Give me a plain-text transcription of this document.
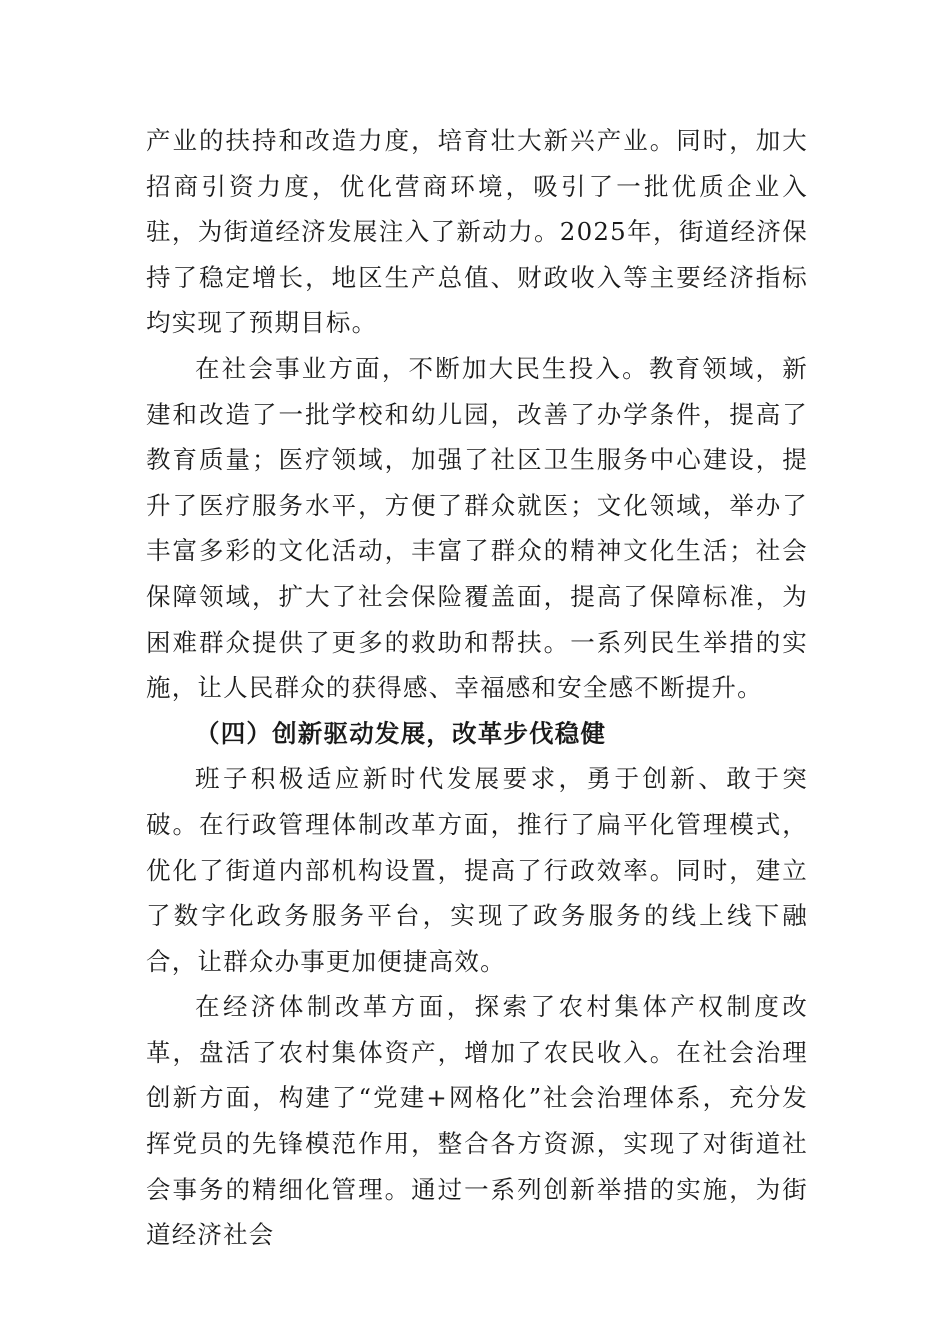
产业的扶持和改造力度，培育壮大新兴产业。同时，加大招商引资力度，优化营商环境，吸引了一批优质企业入驻，为街道经济发展注入了新动力。2025年，街道经济保持了稳定增长，地区生产总值、财政收入等主要经济指标均实现了预期目标。

在社会事业方面，不断加大民生投入。教育领域，新建和改造了一批学校和幼儿园，改善了办学条件，提高了教育质量；医疗领域，加强了社区卫生服务中心建设，提升了医疗服务水平，方便了群众就医；文化领域，举办了丰富多彩的文化活动，丰富了群众的精神文化生活；社会保障领域，扩大了社会保险覆盖面，提高了保障标准，为困难群众提供了更多的救助和帮扶。一系列民生举措的实施，让人民群众的获得感、幸福感和安全感不断提升。

（四）创新驱动发展，改革步伐稳健

班子积极适应新时代发展要求，勇于创新、敢于突破。在行政管理体制改革方面，推行了扁平化管理模式，优化了街道内部机构设置，提高了行政效率。同时，建立了数字化政务服务平台，实现了政务服务的线上线下融合，让群众办事更加便捷高效。

在经济体制改革方面，探索了农村集体产权制度改革，盘活了农村集体资产，增加了农民收入。在社会治理创新方面，构建了“党建+网格化”社会治理体系，充分发挥党员的先锋模范作用，整合各方资源，实现了对街道社会事务的精细化管理。通过一系列创新举措的实施，为街道经济社会
